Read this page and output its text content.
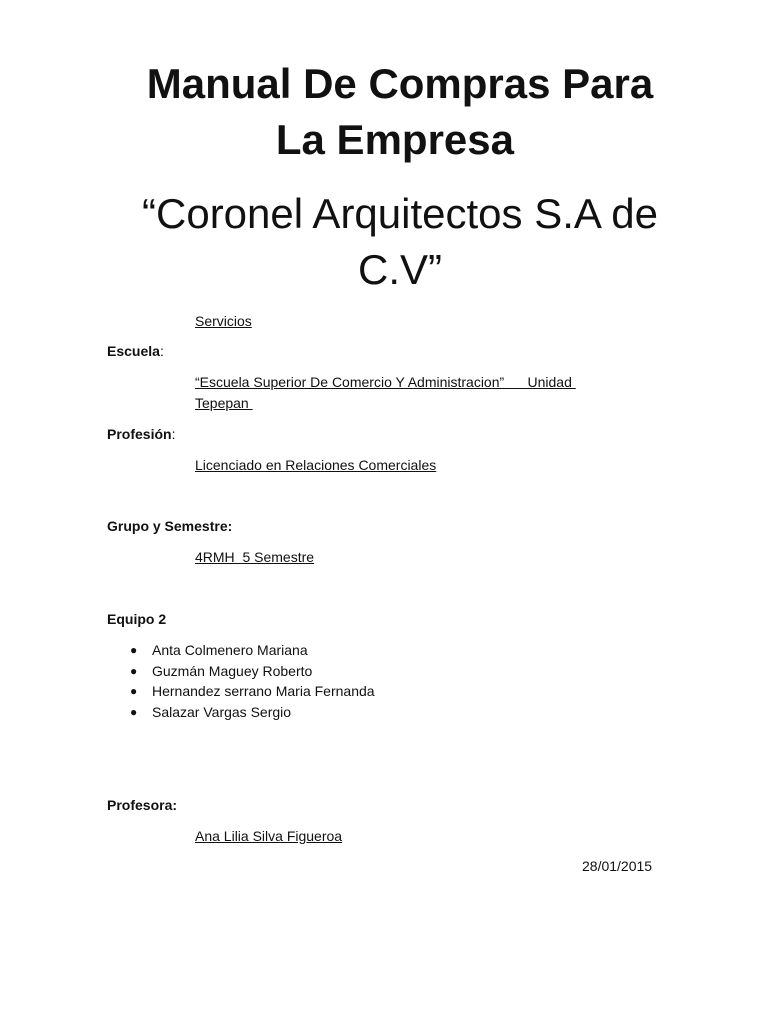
Manual De Compras Para
La Empresa
“Coronel Arquitectos S.A de
C.V”
Servicios
Escuela:
“Escuela Superior De Comercio Y Administracion”      Unidad
Tepepan
Profesión:
Licenciado en Relaciones Comerciales
Grupo y Semestre:
4RMH  5 Semestre
Equipo 2
● Anta Colmenero Mariana
● Guzmán Maguey Roberto
● Hernandez serrano Maria Fernanda
● Salazar Vargas Sergio
Profesora:
Ana Lilia Silva Figueroa
28/01/2015
